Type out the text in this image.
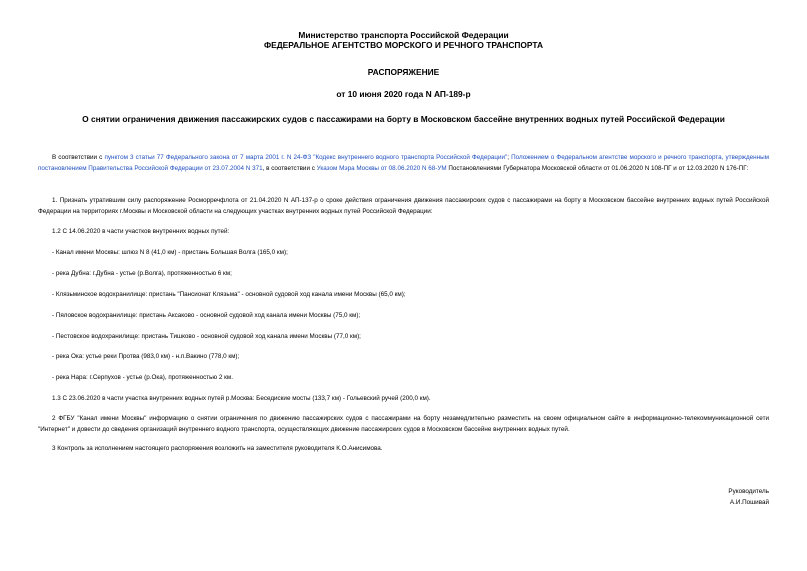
Министерство транспорта Российской Федерации
ФЕДЕРАЛЬНОЕ АГЕНТСТВО МОРСКОГО И РЕЧНОГО ТРАНСПОРТА
РАСПОРЯЖЕНИЕ
от 10 июня 2020 года N АП-189-р
О снятии ограничения движения пассажирских судов с пассажирами на борту в Московском бассейне внутренних водных путей Российской Федерации
В соответствии с пунктом 3 статьи 77 Федерального закона от 7 марта 2001 г. N 24-ФЗ "Кодекс внутреннего водного транспорта Российской Федерации"; Положением о Федеральном агентстве морского и речного транспорта, утвержденным постановлением Правительства Российской Федерации от 23.07.2004 N 371, в соответствии с Указом Мэра Москвы от 08.06.2020 N 68-УМ Постановлениями Губернатора Московской области от 01.06.2020 N 108-ПГ и от 12.03.2020 N 176-ПГ:
1. Признать утратившим силу распоряжение Росморречфлота от 21.04.2020 N АП-137-р о сроке действия ограничения движения пассажирских судов с пассажирами на борту в Московском бассейне внутренних водных путей Российской Федерации на территориях г.Москвы и Московской области на следующих участках внутренних водных путей Российской Федерации:
1.2 С 14.06.2020 в части участков внутренних водных путей:
- Канал имени Москвы: шлюз N 8 (41,0 км) - пристань Большая Волга (165,0 км);
- река Дубна: г.Дубна - устье (р.Волга), протяженностью 6 км;
- Клязьминское водохранилище: пристань "Пансионат Клязьма" - основной судовой ход канала имени Москвы (65,0 км);
- Пяловское водохранилище: пристань Аксаково - основной судовой ход канала имени Москвы (75,0 км);
- Пестовское водохранилище: пристань Тишково - основной судовой ход канала имени Москвы (77,0 км);
- река Ока: устье реки Протва (983,0 км) - н.п.Вакино (778,0 км);
- река Нара: г.Серпухов - устье (р.Ока), протяженностью 2 км.
1.3 С 23.06.2020 в части участка внутренних водных путей р.Москва: Беседиские мосты (133,7 км) - Гольевский ручей (200,0 км).
2 ФГБУ "Канал имени Москвы" информацию о снятии ограничения по движению пассажирских судов с пассажирами на борту незамедлительно разместить на своем официальном сайте в информационно-телекоммуникационной сети "Интернет" и довести до сведения организаций внутреннего водного транспорта, осуществляющих движение пассажирских судов в Московском бассейне внутренних водных путей.
3 Контроль за исполнением настоящего распоряжения возложить на заместителя руководителя К.О.Анисимова.
Руководитель
А.И.Пошивай
